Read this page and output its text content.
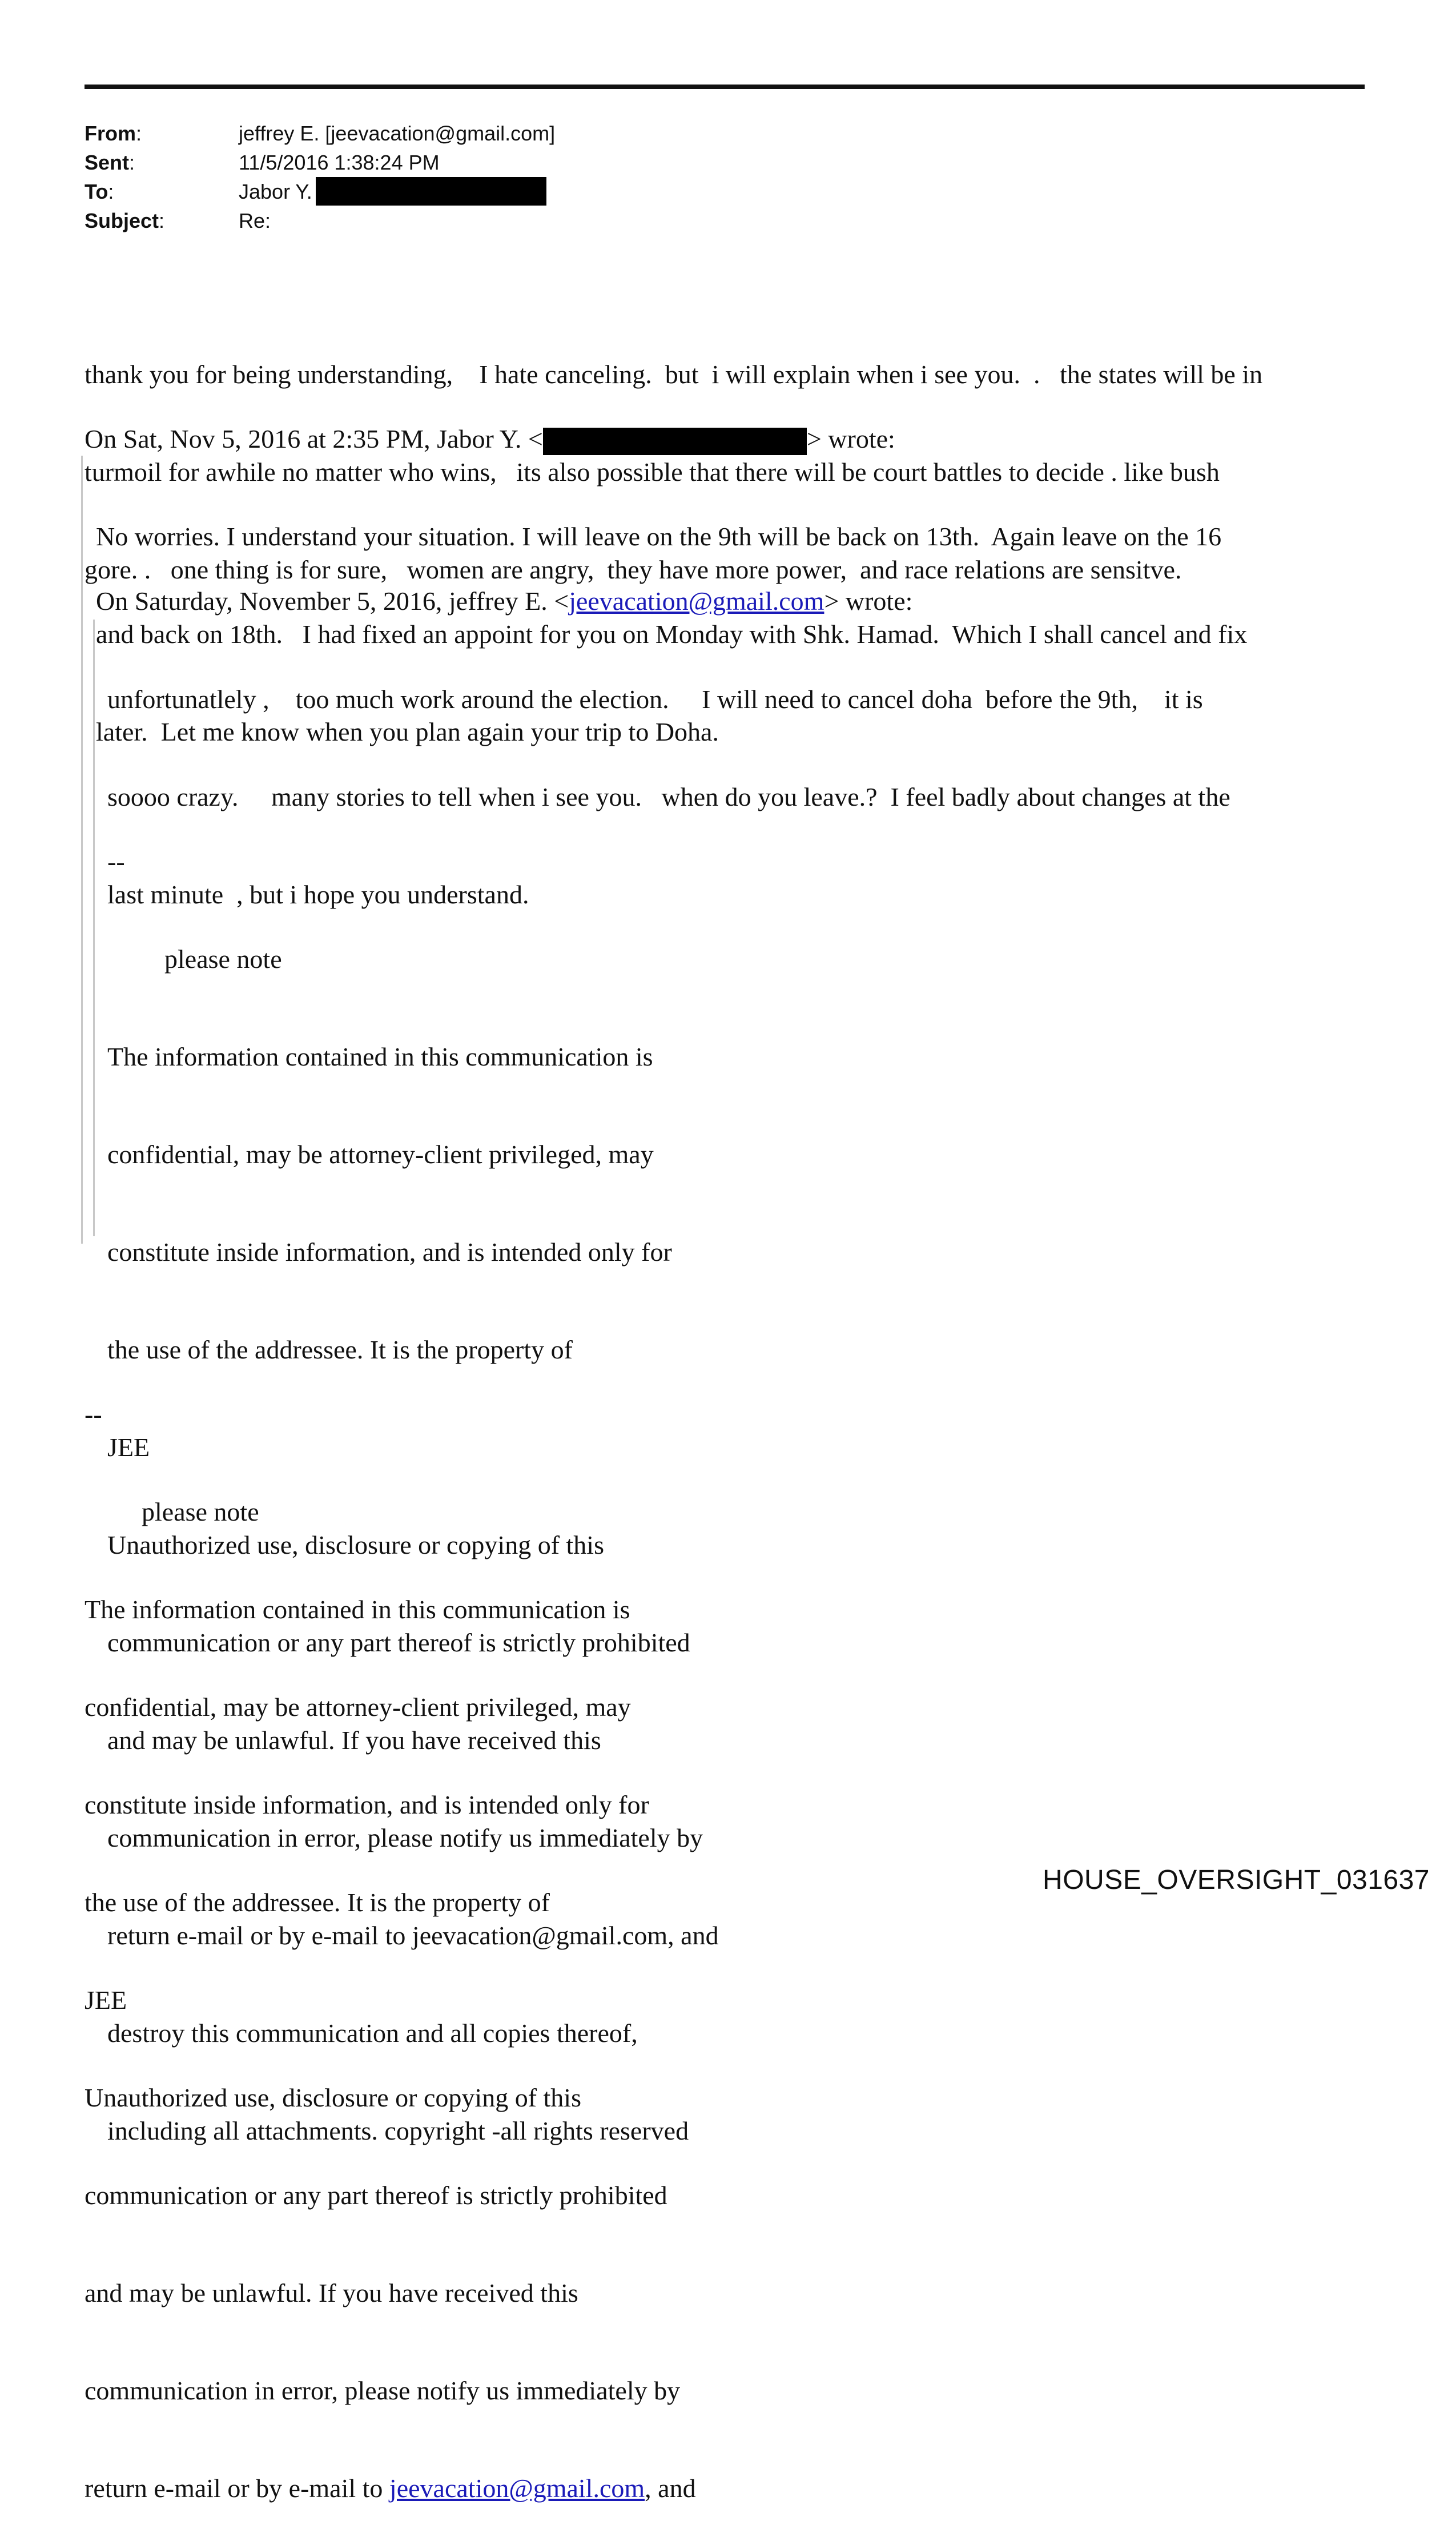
From:	jeffrey E. [jeevacation@gmail.com]
Sent:	11/5/2016 1:38:24 PM
To:	Jabor Y.
Subject:	Re:

thank you for being understanding,    I hate canceling.  but  i will explain when i see you.  .   the states will be in

turmoil for awhile no matter who wins,   its also possible that there will be court battles to decide . like bush

gore. .   one thing is for sure,   women are angry,  they have more power,  and race relations are sensitve.

On Sat, Nov 5, 2016 at 2:35 PM, Jabor Y. <	> wrote:

No worries. I understand your situation. I will leave on the 9th will be back on 13th.  Again leave on the 16

and back on 18th.   I had fixed an appoint for you on Monday with Shk. Hamad.  Which I shall cancel and fix

later.  Let me know when you plan again your trip to Doha.

On Saturday, November 5, 2016, jeffrey E. <jeevacation@gmail.com> wrote:

unfortunatlely ,    too much work around the election.     I will need to cancel doha  before the 9th,    it is

soooo crazy.     many stories to tell when i see you.   when do you leave.?  I feel badly about changes at the

last minute  , but i hope you understand.

--

please note

The information contained in this communication is

confidential, may be attorney-client privileged, may

constitute inside information, and is intended only for

the use of the addressee. It is the property of

JEE

Unauthorized use, disclosure or copying of this

communication or any part thereof is strictly prohibited

and may be unlawful. If you have received this

communication in error, please notify us immediately by

return e-mail or by e-mail to jeevacation@gmail.com, and

destroy this communication and all copies thereof,

including all attachments. copyright -all rights reserved

--

please note

The information contained in this communication is

confidential, may be attorney-client privileged, may

constitute inside information, and is intended only for

the use of the addressee. It is the property of

JEE

Unauthorized use, disclosure or copying of this

communication or any part thereof is strictly prohibited

and may be unlawful. If you have received this

communication in error, please notify us immediately by

return e-mail or by e-mail to jeevacation@gmail.com, and

HOUSE_OVERSIGHT_031637
